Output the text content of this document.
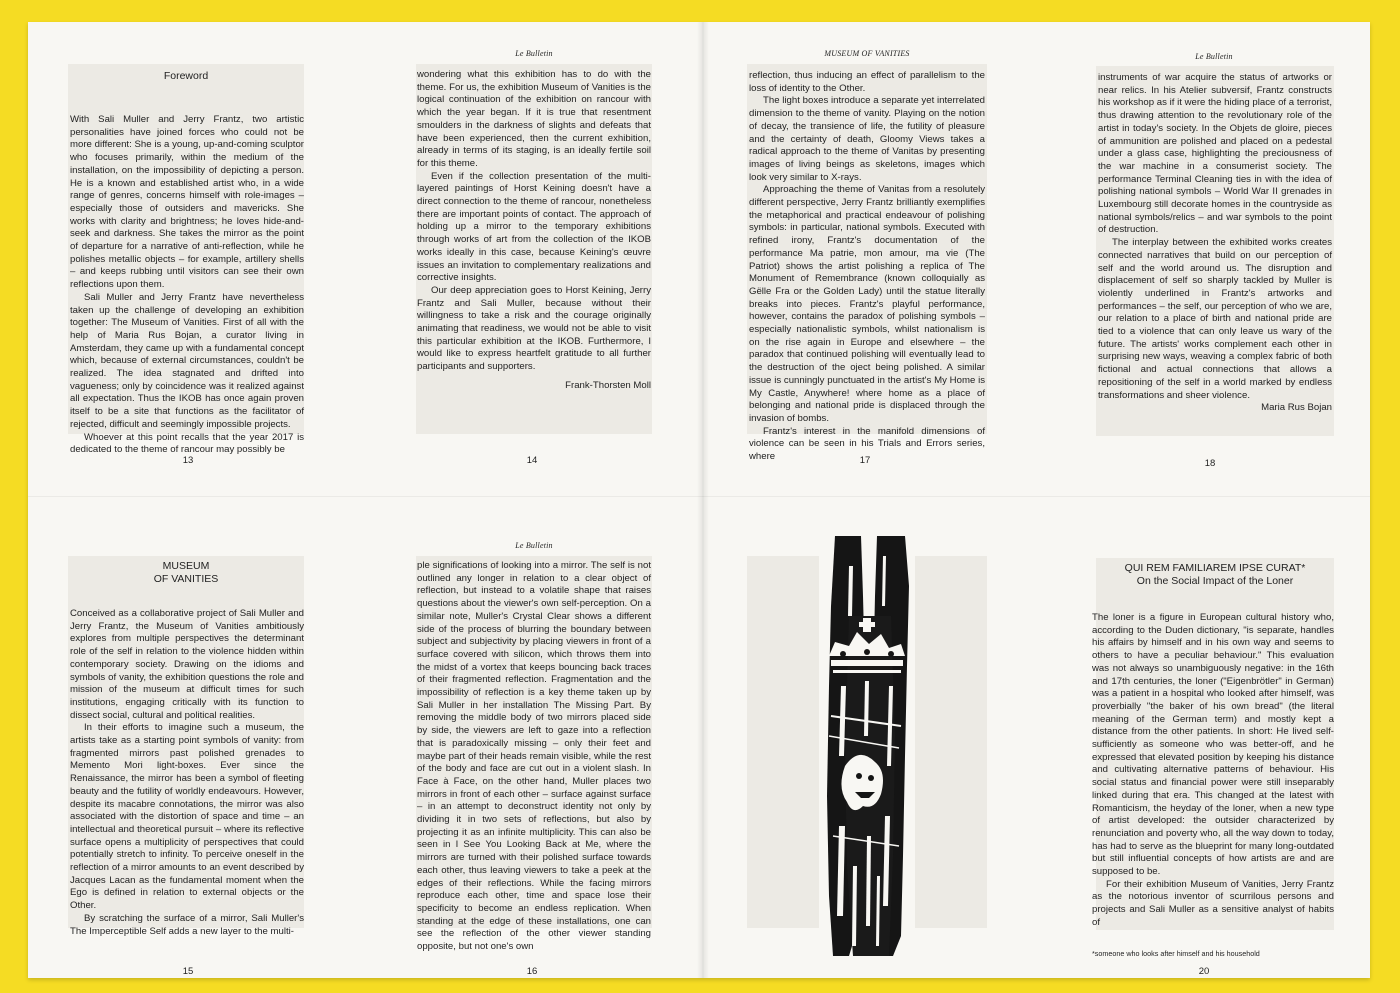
Foreword

With Sali Muller and Jerry Frantz, two artistic personalities have joined forces who could not be more different: She is a young, up-and-coming sculptor who focuses primarily, within the medium of the installation, on the impossibility of depicting a person. He is a known and established artist who, in a wide range of genres, concerns himself with role-images – especially those of outsiders and mavericks. She works with clarity and brightness; he loves hide-and-seek and darkness. She takes the mirror as the point of departure for a narrative of anti-reflection, while he polishes metallic objects – for example, artillery shells – and keeps rubbing until visitors can see their own reflections upon them.

Sali Muller and Jerry Frantz have nevertheless taken up the challenge of developing an exhibition together: The Museum of Vanities. First of all with the help of Maria Rus Bojan, a curator living in Amsterdam, they came up with a fundamental concept which, because of external circumstances, couldn't be realized. The idea stagnated and drifted into vagueness; only by coincidence was it realized against all expectation. Thus the IKOB has once again proven itself to be a site that functions as the facilitator of rejected, difficult and seemingly impossible projects.

Whoever at this point recalls that the year 2017 is dedicated to the theme of rancour may possibly be

13
Le Bulletin

wondering what this exhibition has to do with the theme. For us, the exhibition Museum of Vanities is the logical continuation of the exhibition on rancour with which the year began. If it is true that resentment smoulders in the darkness of slights and defeats that have been experienced, then the current exhibition, already in terms of its staging, is an ideally fertile soil for this theme.

Even if the collection presentation of the multi-layered paintings of Horst Keining doesn't have a direct connection to the theme of rancour, nonetheless there are important points of contact. The approach of holding up a mirror to the temporary exhibitions through works of art from the collection of the IKOB works ideally in this case, because Keining's œuvre issues an invitation to complementary realizations and corrective insights.

Our deep appreciation goes to Horst Keining, Jerry Frantz and Sali Muller, because without their willingness to take a risk and the courage originally animating that readiness, we would not be able to visit this particular exhibition at the IKOB. Furthermore, I would like to express heartfelt gratitude to all further participants and supporters.

Frank-Thorsten Moll

14
MUSEUM OF VANITIES

reflection, thus inducing an effect of parallelism to the loss of identity to the Other.

The light boxes introduce a separate yet interrelated dimension to the theme of vanity. Playing on the notion of decay, the transience of life, the futility of pleasure and the certainty of death, Gloomy Views takes a radical approach to the theme of Vanitas by presenting images of living beings as skeletons, images which look very similar to X-rays.

Approaching the theme of Vanitas from a resolutely different perspective, Jerry Frantz brilliantly exemplifies the metaphorical and practical endeavour of polishing symbols: in particular, national symbols. Executed with refined irony, Frantz's documentation of the performance Ma patrie, mon amour, ma vie (The Patriot) shows the artist polishing a replica of The Monument of Remembrance (known colloquially as Gëlle Fra or the Golden Lady) until the statue literally breaks into pieces. Frantz's playful performance, however, contains the paradox of polishing symbols – especially nationalistic symbols, whilst nationalism is on the rise again in Europe and elsewhere – the paradox that continued polishing will eventually lead to the destruction of the oject being polished. A similar issue is cunningly punctuated in the artist's My Home is My Castle, Anywhere! where home as a place of belonging and national pride is displaced through the invasion of bombs.

Frantz's interest in the manifold dimensions of violence can be seen in his Trials and Errors series, where	17
Le Bulletin

instruments of war acquire the status of artworks or near relics. In his Atelier subversif, Frantz constructs his workshop as if it were the hiding place of a terrorist, thus drawing attention to the revolutionary role of the artist in today's society. In the Objets de gloire, pieces of ammunition are polished and placed on a pedestal under a glass case, highlighting the preciousness of the war machine in a consumerist society. The performance Terminal Cleaning ties in with the idea of polishing national symbols – World War II grenades in Luxembourg still decorate homes in the countryside as national symbols/relics – and war symbols to the point of destruction.

The interplay between the exhibited works creates connected narratives that build on our perception of self and the world around us. The disruption and displacement of self so sharply tackled by Muller is violently underlined in Frantz's artworks and performances – the self, our perception of who we are, our relation to a place of birth and national pride are tied to a violence that can only leave us wary of the future. The artists' works complement each other in surprising new ways, weaving a complex fabric of both fictional and actual connections that allows a repositioning of the self in a world marked by endless transformations and sheer violence.

Maria Rus Bojan

18
MUSEUM
OF VANITIES

Conceived as a collaborative project of Sali Muller and Jerry Frantz, the Museum of Vanities ambitiously explores from multiple perspectives the determinant role of the self in relation to the violence hidden within contemporary society. Drawing on the idioms and symbols of vanity, the exhibition questions the role and mission of the museum at difficult times for such institutions, engaging critically with its function to dissect social, cultural and political realities.

In their efforts to imagine such a museum, the artists take as a starting point symbols of vanity: from fragmented mirrors past polished grenades to Memento Mori light-boxes. Ever since the Renaissance, the mirror has been a symbol of fleeting beauty and the futility of worldly endeavours. However, despite its macabre connotations, the mirror was also associated with the distortion of space and time – an intellectual and theoretical pursuit – where its reflective surface opens a multiplicity of perspectives that could potentially stretch to infinity. To perceive oneself in the reflection of a mirror amounts to an event described by Jacques Lacan as the fundamental moment when the Ego is defined in relation to external objects or the Other.

By scratching the surface of a mirror, Sali Muller's The Imperceptible Self adds a new layer to the multi-

15
Le Bulletin

ple significations of looking into a mirror. The self is not outlined any longer in relation to a clear object of reflection, but instead to a volatile shape that raises questions about the viewer's own self-perception. On a similar note, Muller's Crystal Clear shows a different side of the process of blurring the boundary between subject and subjectivity by placing viewers in front of a surface covered with silicon, which throws them into the midst of a vortex that keeps bouncing back traces of their fragmented reflection. Fragmentation and the impossibility of reflection is a key theme taken up by Sali Muller in her installation The Missing Part. By removing the middle body of two mirrors placed side by side, the viewers are left to gaze into a reflection that is paradoxically missing – only their feet and maybe part of their heads remain visible, while the rest of the body and face are cut out in a violent slash. In Face à Face, on the other hand, Muller places two mirrors in front of each other – surface against surface – in an attempt to deconstruct identity not only by dividing it in two sets of reflections, but also by projecting it as an infinite multiplicity. This can also be seen in I See You Looking Back at Me, where the mirrors are turned with their polished surface towards each other, thus leaving viewers to take a peek at the edges of their reflections. While the facing mirrors reproduce each other, time and space lose their specificity to become an endless replication. When standing at the edge of these installations, one can see the reflection of the other viewer standing opposite, but not one's own

16
QUI REM FAMILIAREM IPSE CURAT*
On the Social Impact of the Loner

The loner is a figure in European cultural history who, according to the Duden dictionary, "is separate, handles his affairs by himself and in his own way and seems to others to have a peculiar behaviour." This evaluation was not always so unambiguously negative: in the 16th and 17th centuries, the loner ("Eigenbrötler" in German) was a patient in a hospital who looked after himself, was proverbially "the baker of his own bread" (the literal meaning of the German term) and mostly kept a distance from the other patients. In short: He lived self-sufficiently as someone who was better-off, and he expressed that elevated position by keeping his distance and cultivating alternative patterns of behaviour. His social status and financial power were still inseparably linked during that era. This changed at the latest with Romanticism, the heyday of the loner, when a new type of artist developed: the outsider characterized by renunciation and poverty who, all the way down to today, has had to serve as the blueprint for many long-outdated but still influential concepts of how artists are and are supposed to be.

For their exhibition Museum of Vanities, Jerry Frantz as the notorious inventor of scurrilous persons and projects and Sali Muller as a sensitive analyst of habits of

*someone who looks after himself and his household
20
